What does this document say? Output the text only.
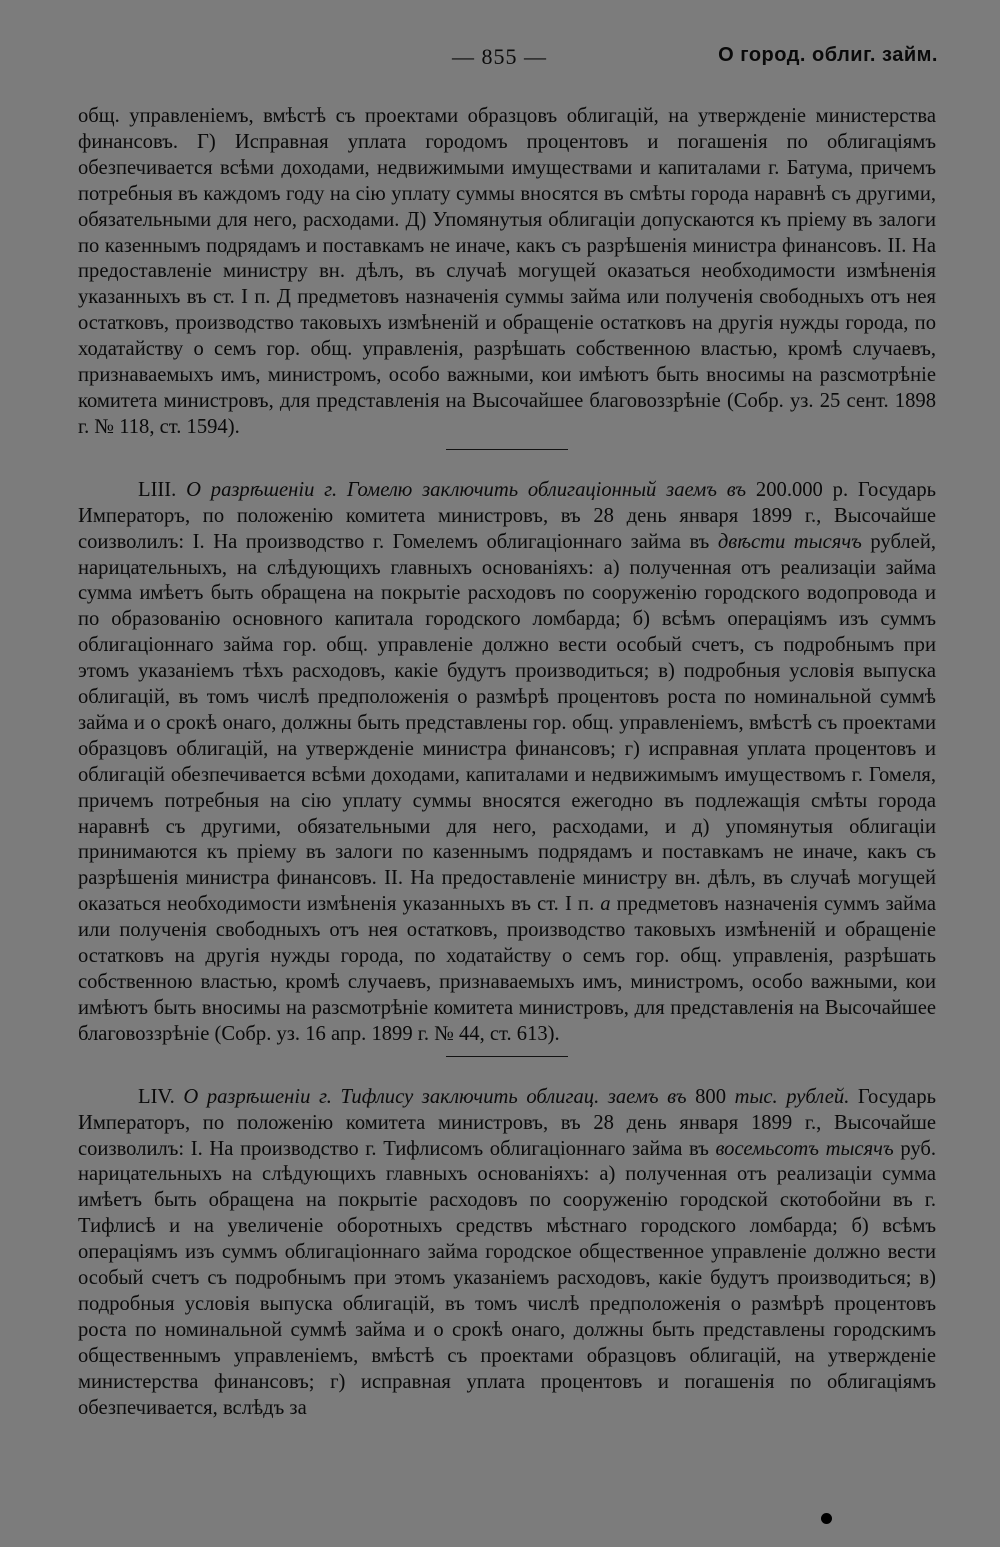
— 855 —	О город. облиг. займ.

общ. управленіемъ, вмѣстѣ съ проектами образцовъ облигацій, на утвержденіе министерства финансовъ. Г) Исправная уплата городомъ процентовъ и погашенія по облигаціямъ обезпечивается всѣми доходами, недвижимыми имуществами и капиталами г. Батума, причемъ потребныя въ каждомъ году на сію уплату суммы вносятся въ смѣты города наравнѣ съ другими, обязательными для него, расходами. Д) Упомянутыя облигаціи допускаются къ пріему въ залоги по казеннымъ подрядамъ и поставкамъ не иначе, какъ съ разрѣшенія министра финансовъ. II. На предоставленіе министру вн. дѣлъ, въ случаѣ могущей оказаться необходимости измѣненія указанныхъ въ ст. I п. Д предметовъ назначенія суммы займа или полученія свободныхъ отъ нея остатковъ, производство таковыхъ измѣненій и обращеніе остатковъ на другія нужды города, по ходатайству о семъ гор. общ. управленія, разрѣшать собственною властью, кромѣ случаевъ, признаваемыхъ имъ, министромъ, особо важными, кои имѣютъ быть вносимы на разсмотрѣніе комитета министровъ, для представленія на Высочайшее благовоззрѣніе (Собр. уз. 25 сент. 1898 г. № 118, ст. 1594).

LIII. О разрѣшеніи г. Гомелю заключить облигаціонный заемъ въ 200.000 р. Государь Императоръ, по положенію комитета министровъ, въ 28 день января 1899 г., Высочайше соизволилъ: I. На производство г. Гомелемъ облигаціоннаго займа въ двѣсти тысячъ рублей, нарицательныхъ, на слѣдующихъ главныхъ основаніяхъ: а) полученная отъ реализаціи займа сумма имѣетъ быть обращена на покрытіе расходовъ по сооруженію городского водопровода и по образованію основного капитала городского ломбарда; б) всѣмъ операціямъ изъ суммъ облигаціоннаго займа гор. общ. управленіе должно вести особый счетъ, съ подробнымъ при этомъ указаніемъ тѣхъ расходовъ, какіе будутъ производиться; в) подробныя условія выпуска облигацій, въ томъ числѣ предположенія о размѣрѣ процентовъ роста по номинальной суммѣ займа и о срокѣ онаго, должны быть представлены гор. общ. управленіемъ, вмѣстѣ съ проектами образцовъ облигацій, на утвержденіе министра финансовъ; г) исправная уплата процентовъ и облигацій обезпечивается всѣми доходами, капиталами и недвижимымъ имуществомъ г. Гомеля, причемъ потребныя на сію уплату суммы вносятся ежегодно въ подлежащія смѣты города наравнѣ съ другими, обязательными для него, расходами, и д) упомянутыя облигаціи принимаются къ пріему въ залоги по казеннымъ подрядамъ и поставкамъ не иначе, какъ съ разрѣшенія министра финансовъ. II. На предоставленіе министру вн. дѣлъ, въ случаѣ могущей оказаться необходимости измѣненія указанныхъ въ ст. I п. а предметовъ назначенія суммъ займа или полученія свободныхъ отъ нея остатковъ, производство таковыхъ измѣненій и обращеніе остатковъ на другія нужды города, по ходатайству о семъ гор. общ. управленія, разрѣшать собственною властью, кромѣ случаевъ, признаваемыхъ имъ, министромъ, особо важными, кои имѣютъ быть вносимы на разсмотрѣніе комитета министровъ, для представленія на Высочайшее благовоззрѣніе (Собр. уз. 16 апр. 1899 г. № 44, ст. 613).

LIV. О разрѣшеніи г. Тифлису заключить облигац. заемъ въ 800 тыс. рублей. Государь Императоръ, по положенію комитета министровъ, въ 28 день января 1899 г., Высочайше соизволилъ: I. На производство г. Тифлисомъ облигаціоннаго займа въ восемьсотъ тысячъ руб. нарицательныхъ на слѣдующихъ главныхъ основаніяхъ: а) полученная отъ реализаціи сумма имѣетъ быть обращена на покрытіе расходовъ по сооруженію городской скотобойни въ г. Тифлисѣ и на увеличеніе оборотныхъ средствъ мѣстнаго городского ломбарда; б) всѣмъ операціямъ изъ суммъ облигаціоннаго займа городское общественное управленіе должно вести особый счетъ съ подробнымъ при этомъ указаніемъ расходовъ, какіе будутъ производиться; в) подробныя условія выпуска облигацій, въ томъ числѣ предположенія о размѣрѣ процентовъ роста по номинальной суммѣ займа и о срокѣ онаго, должны быть представлены городскимъ общественнымъ управленіемъ, вмѣстѣ съ проектами образцовъ облигацій, на утвержденіе министерства финансовъ; г) исправная уплата процентовъ и погашенія по облигаціямъ обезпечивается, вслѣдъ за
